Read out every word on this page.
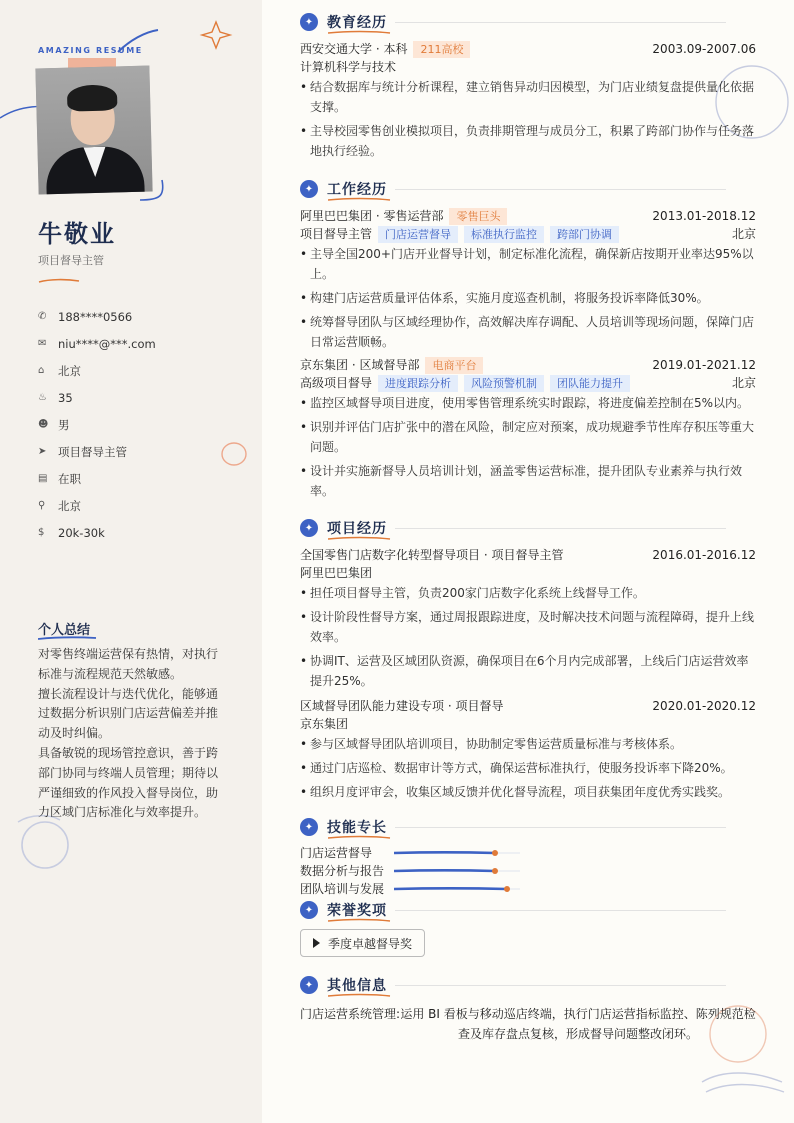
AMAZING RESUME
牛敬业
项目督导主管
✆	188****0566
✉	niu****@***.com
⌂	北京
♨ 35
☻ 男
➤	项目督导主管
▤ 在职
⚲	北京
$	20k-30k
个人总结
对零售终端运营保有热情，对执行标准与流程规范天然敏感。
擅长流程设计与迭代优化，能够通过数据分析识别门店运营偏差并推动及时纠偏。
具备敏锐的现场管控意识，善于跨部门协同与终端人员管理；期待以严谨细致的作风投入督导岗位，助力区域门店标准化与效率提升。
✦ 教育经历
西安交通大学 · 本科	211高校	2003.09-2007.06
计算机科学与技术
• 结合数据库与统计分析课程，建立销售异动归因模型，为门店业绩复盘提供量化依据支撑。
• 主导校园零售创业模拟项目，负责排期管理与成员分工，积累了跨部门协作与任务落地执行经验。
✦ 工作经历
阿里巴巴集团 · 零售运营部	零售巨头	2013.01-2018.12
项目督导主管	门店运营督导	标准执行监控	跨部门协调	北京
• 主导全国200+门店开业督导计划，制定标准化流程，确保新店按期开业率达95%以上。
• 构建门店运营质量评估体系，实施月度巡查机制，将服务投诉率降低30%。
• 统筹督导团队与区域经理协作，高效解决库存调配、人员培训等现场问题，保障门店日常运营顺畅。
京东集团 · 区域督导部	电商平台	2019.01-2021.12
高级项目督导	进度跟踪分析	风险预警机制	团队能力提升	北京
• 监控区域督导项目进度，使用零售管理系统实时跟踪，将进度偏差控制在5%以内。
• 识别并评估门店扩张中的潜在风险，制定应对预案，成功规避季节性库存积压等重大问题。
• 设计并实施新督导人员培训计划，涵盖零售运营标准，提升团队专业素养与执行效率。
✦ 项目经历
全国零售门店数字化转型督导项目 · 项目督导主管	2016.01-2016.12
阿里巴巴集团
• 担任项目督导主管，负责200家门店数字化系统上线督导工作。
• 设计阶段性督导方案，通过周报跟踪进度，及时解决技术问题与流程障碍，提升上线效率。
• 协调IT、运营及区域团队资源，确保项目在6个月内完成部署，上线后门店运营效率提升25%。
区域督导团队能力建设专项 · 项目督导	2020.01-2020.12
京东集团
• 参与区域督导团队培训项目，协助制定零售运营质量标准与考核体系。
• 通过门店巡检、数据审计等方式，确保运营标准执行，使服务投诉率下降20%。
• 组织月度评审会，收集区域反馈并优化督导流程，项目获集团年度优秀实践奖。
✦ 技能专长
门店运营督导
数据分析与报告
团队培训与发展
✦ 荣誉奖项
季度卓越督导奖
✦ 其他信息
门店运营系统管理: 运用 BI 看板与移动巡店终端，执行门店运营指标监控、陈列规范检查及库存盘点复核，形成督导问题整改闭环。
